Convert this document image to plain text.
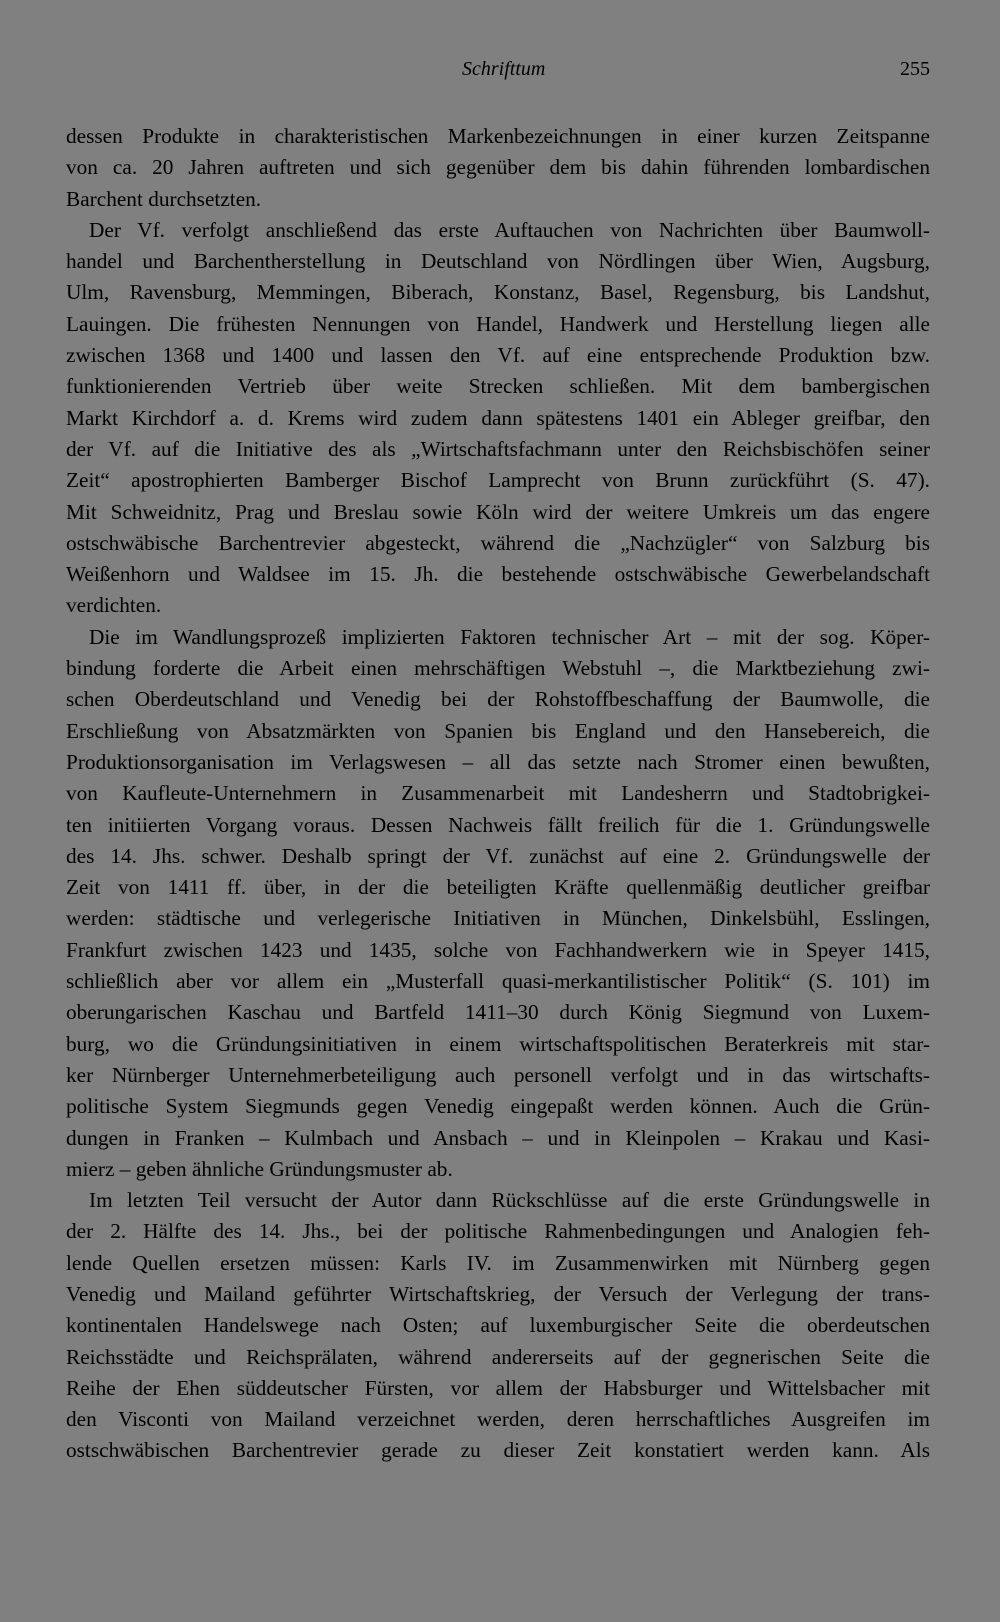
Schrifttum	255
dessen Produkte in charakteristischen Markenbezeichnungen in einer kurzen Zeitspanne
von ca. 20 Jahren auftreten und sich gegenüber dem bis dahin führenden lombardischen
Barchent durchsetzten.
Der Vf. verfolgt anschließend das erste Auftauchen von Nachrichten über Baumwoll-
handel und Barchentherstellung in Deutschland von Nördlingen über Wien, Augsburg,
Ulm, Ravensburg, Memmingen, Biberach, Konstanz, Basel, Regensburg, bis Landshut,
Lauingen. Die frühesten Nennungen von Handel, Handwerk und Herstellung liegen alle
zwischen 1368 und 1400 und lassen den Vf. auf eine entsprechende Produktion bzw.
funktionierenden Vertrieb über weite Strecken schließen. Mit dem bambergischen
Markt Kirchdorf a. d. Krems wird zudem dann spätestens 1401 ein Ableger greifbar, den
der Vf. auf die Initiative des als „Wirtschaftsfachmann unter den Reichsbischöfen seiner
Zeit“ apostrophierten Bamberger Bischof Lamprecht von Brunn zurückführt (S. 47).
Mit Schweidnitz, Prag und Breslau sowie Köln wird der weitere Umkreis um das engere
ostschwäbische Barchentrevier abgesteckt, während die „Nachzügler“ von Salzburg bis
Weißenhorn und Waldsee im 15. Jh. die bestehende ostschwäbische Gewerbelandschaft
verdichten.
Die im Wandlungsprozeß implizierten Faktoren technischer Art – mit der sog. Köper-
bindung forderte die Arbeit einen mehrschäftigen Webstuhl –, die Marktbeziehung zwi-
schen Oberdeutschland und Venedig bei der Rohstoffbeschaffung der Baumwolle, die
Erschließung von Absatzmärkten von Spanien bis England und den Hansebereich, die
Produktionsorganisation im Verlagswesen – all das setzte nach Stromer einen bewußten,
von Kaufleute-Unternehmern in Zusammenarbeit mit Landesherrn und Stadtobrigkei-
ten initiierten Vorgang voraus. Dessen Nachweis fällt freilich für die 1. Gründungswelle
des 14. Jhs. schwer. Deshalb springt der Vf. zunächst auf eine 2. Gründungswelle der
Zeit von 1411 ff. über, in der die beteiligten Kräfte quellenmäßig deutlicher greifbar
werden: städtische und verlegerische Initiativen in München, Dinkelsbühl, Esslingen,
Frankfurt zwischen 1423 und 1435, solche von Fachhandwerkern wie in Speyer 1415,
schließlich aber vor allem ein „Musterfall quasi-merkantilistischer Politik“ (S. 101) im
oberungarischen Kaschau und Bartfeld 1411–30 durch König Siegmund von Luxem-
burg, wo die Gründungsinitiativen in einem wirtschaftspolitischen Beraterkreis mit star-
ker Nürnberger Unternehmerbeteiligung auch personell verfolgt und in das wirtschafts-
politische System Siegmunds gegen Venedig eingepaßt werden können. Auch die Grün-
dungen in Franken – Kulmbach und Ansbach – und in Kleinpolen – Krakau und Kasi-
mierz – geben ähnliche Gründungsmuster ab.
Im letzten Teil versucht der Autor dann Rückschlüsse auf die erste Gründungswelle in
der 2. Hälfte des 14. Jhs., bei der politische Rahmenbedingungen und Analogien feh-
lende Quellen ersetzen müssen: Karls IV. im Zusammenwirken mit Nürnberg gegen
Venedig und Mailand geführter Wirtschaftskrieg, der Versuch der Verlegung der trans-
kontinentalen Handelswege nach Osten; auf luxemburgischer Seite die oberdeutschen
Reichsstädte und Reichsprälaten, während andererseits auf der gegnerischen Seite die
Reihe der Ehen süddeutscher Fürsten, vor allem der Habsburger und Wittelsbacher mit
den Visconti von Mailand verzeichnet werden, deren herrschaftliches Ausgreifen im
ostschwäbischen Barchentrevier gerade zu dieser Zeit konstatiert werden kann. Als
